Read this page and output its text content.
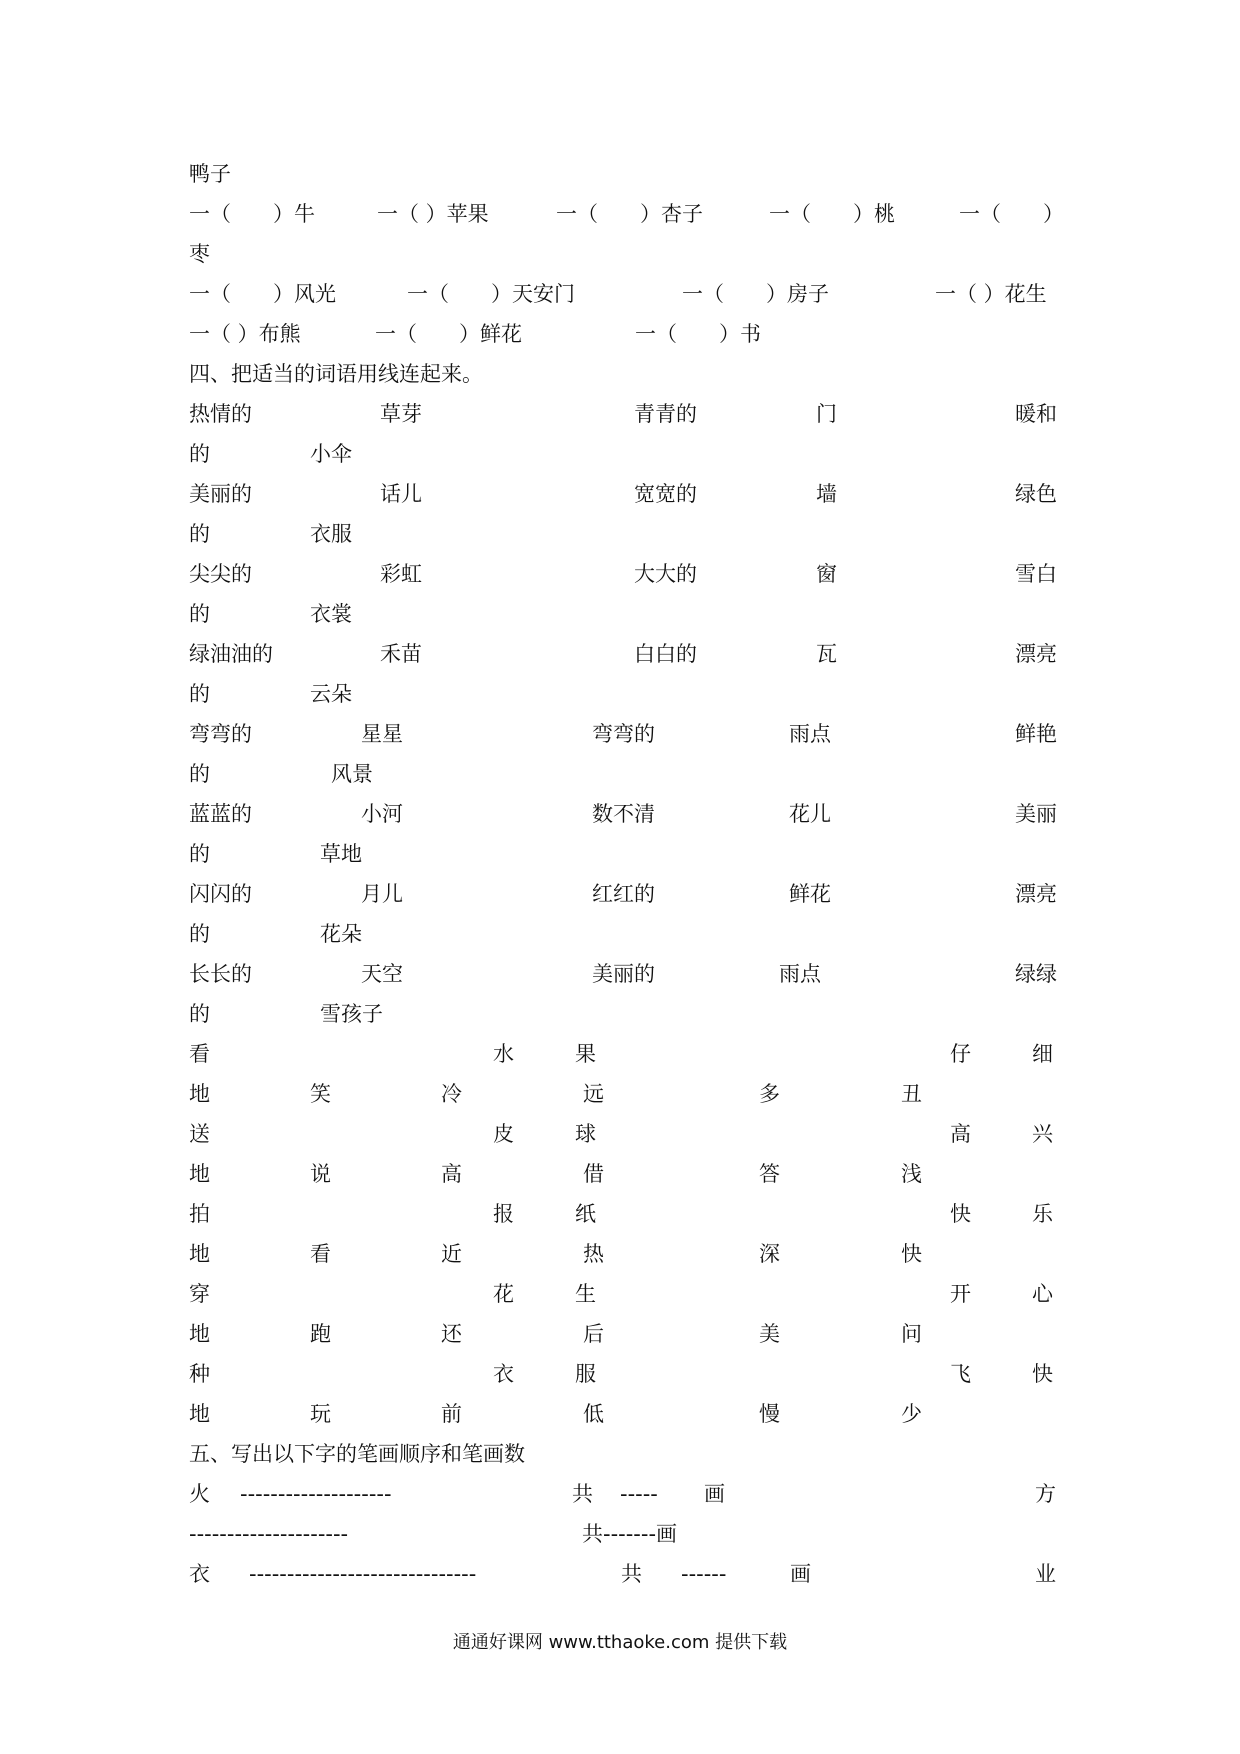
鸭子
一（　　）牛	一（ ）苹果	一（　　）杏子	一（　　）桃	一（　　）
枣
一（　　）风光	一（　　）天安门	一（　　）房子	一（ ）花生
一（ ）布熊	一（　　）鲜花	一（　　）书
四、把适当的词语用线连起来。
热情的	草芽	青青的	门	暖和
的	小伞
美丽的	话儿	宽宽的	墙	绿色
的	衣服
尖尖的	彩虹	大大的	窗	雪白
的	衣裳
绿油油的	禾苗	白白的	瓦	漂亮
的	云朵
弯弯的	星星	弯弯的	雨点	鲜艳
的	风景
蓝蓝的	小河	数不清	花儿	美丽
的	草地
闪闪的	月儿	红红的	鲜花	漂亮
的	花朵
长长的	天空	美丽的	雨点	绿绿
的	雪孩子
看	水	果	仔	细
地	笑	冷	远	多	丑
送	皮	球	高	兴
地	说	高	借	答	浅
拍	报	纸	快	乐
地	看	近	热	深	快
穿	花	生	开	心
地	跑	还	后	美	问
种	衣	服	飞	快
地	玩	前	低	慢	少
五、写出以下字的笔画顺序和笔画数
火 --------------------	共 ----- 画	方
---------------------	共-------画
衣 ------------------------------	共 ------	画	业
通通好课网 www.tthaoke.com 提供下载
